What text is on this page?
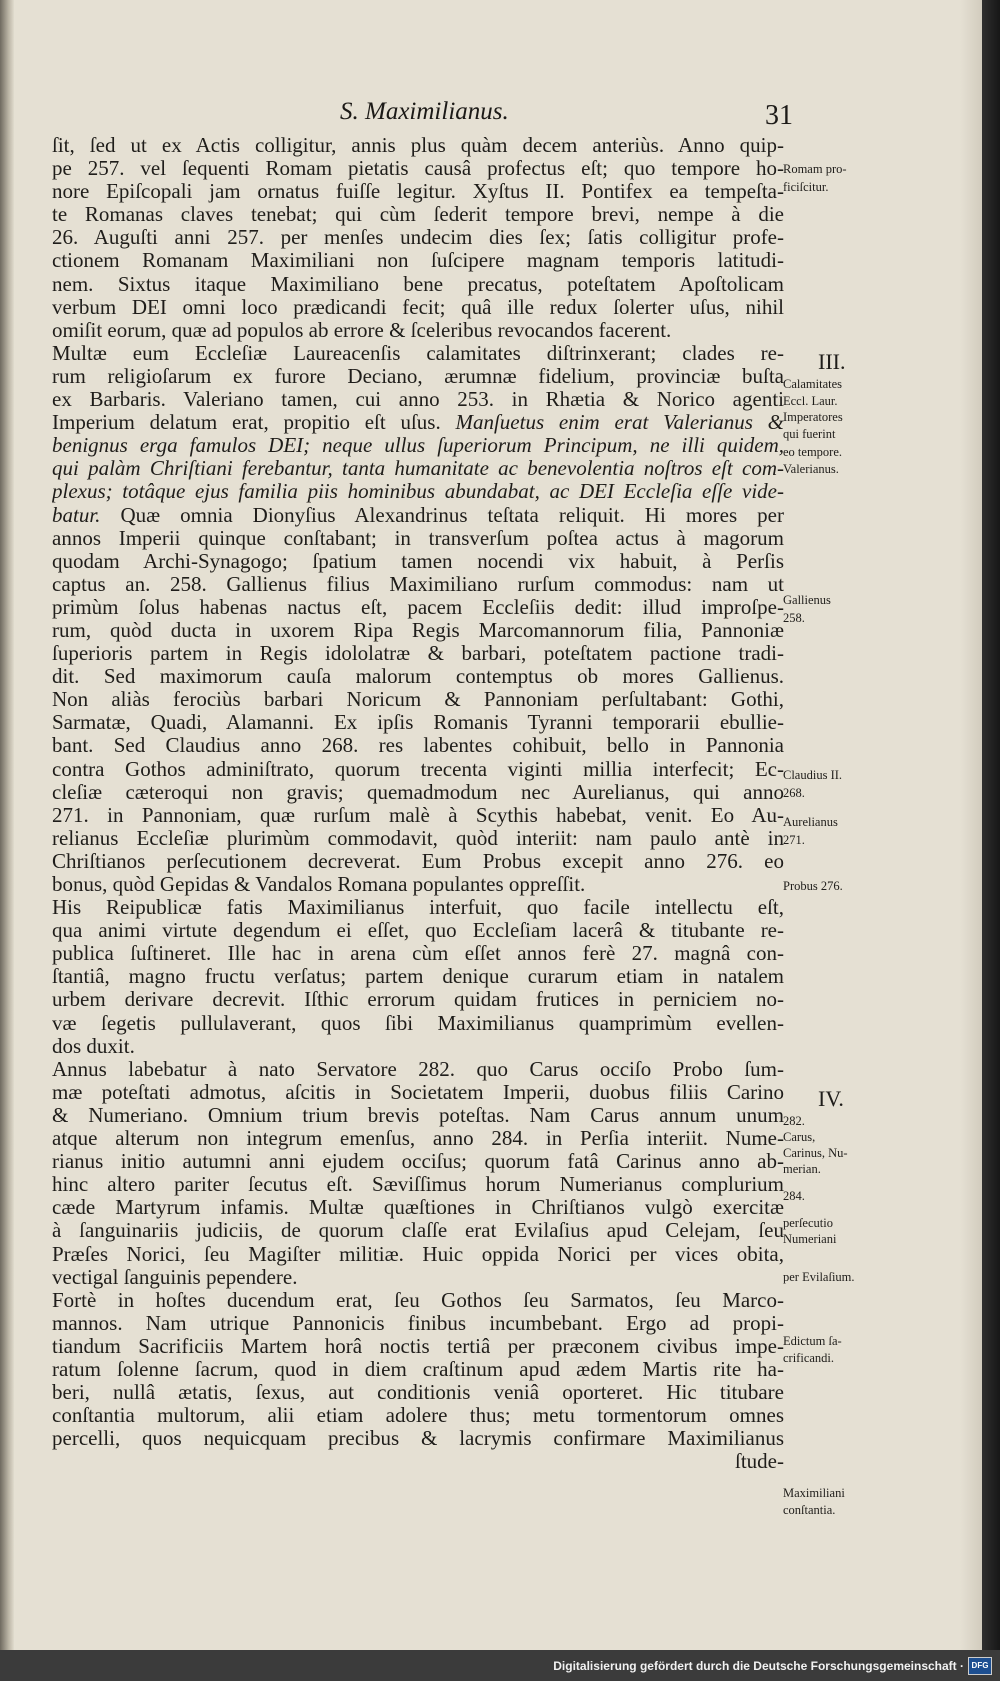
S. Maximilianus.	31
ſit, ſed ut ex Actis colligitur, annis plus quàm decem anteriùs. Anno quip-
pe 257. vel ſequenti Romam pietatis causâ profectus eſt; quo tempore ho-
nore Epiſcopali jam ornatus fuiſſe legitur. Xyſtus II. Pontifex ea tempeſta-
te Romanas claves tenebat; qui cùm ſederit tempore brevi, nempe à die
26. Auguſti anni 257. per menſes undecim dies ſex; ſatis colligitur profe-
ctionem Romanam Maximiliani non ſuſcipere magnam temporis latitudi-
nem. Sixtus itaque Maximiliano bene precatus, poteſtatem Apoſtolicam
verbum DEI omni loco prædicandi fecit; quâ ille redux ſolerter uſus, nihil
omiſit eorum, quæ ad populos ab errore & ſceleribus revocandos facerent.
Multæ eum Eccleſiæ Laureacenſis calamitates diſtrinxerant; clades re-
rum religioſarum ex furore Deciano, ærumnæ fidelium, provinciæ buſta
ex Barbaris. Valeriano tamen, cui anno 253. in Rhætia & Norico agenti
Imperium delatum erat, propitio eſt uſus. Manſuetus enim erat Valerianus &
benignus erga famulos DEI; neque ullus ſuperiorum Principum, ne illi quidem,
qui palàm Chriſtiani ferebantur, tanta humanitate ac benevolentia noſtros eſt com-
plexus; totâque ejus familia piis hominibus abundabat, ac DEI Eccleſia eſſe vide-
batur. Quæ omnia Dionyſius Alexandrinus teſtata reliquit. Hi mores per
annos Imperii quinque conſtabant; in transverſum poſtea actus à magorum
quodam Archi-Synagogo; ſpatium tamen nocendi vix habuit, à Perſis
captus an. 258. Gallienus filius Maximiliano rurſum commodus: nam ut
primùm ſolus habenas nactus eſt, pacem Eccleſiis dedit: illud improſpe-
rum, quòd ducta in uxorem Ripa Regis Marcomannorum filia, Pannoniæ
ſuperioris partem in Regis idololatræ & barbari, poteſtatem pactione tradi-
dit. Sed maximorum cauſa malorum contemptus ob mores Gallienus.
Non aliàs ferociùs barbari Noricum & Pannoniam perſultabant: Gothi,
Sarmatæ, Quadi, Alamanni. Ex ipſis Romanis Tyranni temporarii ebullie-
bant. Sed Claudius anno 268. res labentes cohibuit, bello in Pannonia
contra Gothos adminiſtrato, quorum trecenta viginti millia interfecit; Ec-
cleſiæ cæteroqui non gravis; quemadmodum nec Aurelianus, qui anno
271. in Pannoniam, quæ rurſum malè à Scythis habebat, venit. Eo Au-
relianus Eccleſiæ plurimùm commodavit, quòd interiit: nam paulo antè in
Chriſtianos perſecutionem decreverat. Eum Probus excepit anno 276. eo
bonus, quòd Gepidas & Vandalos Romana populantes oppreſſit.
His Reipublicæ fatis Maximilianus interfuit, quo facile intellectu eſt,
qua animi virtute degendum ei eſſet, quo Eccleſiam lacerâ & titubante re-
publica ſuſtineret. Ille hac in arena cùm eſſet annos ferè 27. magnâ con-
ſtantiâ, magno fructu verſatus; partem denique curarum etiam in natalem
urbem derivare decrevit. Iſthic errorum quidam frutices in perniciem no-
væ ſegetis pullulaverant, quos ſibi Maximilianus quamprimùm evellen-
dos duxit.
Annus labebatur à nato Servatore 282. quo Carus occiſo Probo ſum-
mæ poteſtati admotus, aſcitis in Societatem Imperii, duobus filiis Carino
& Numeriano. Omnium trium brevis poteſtas. Nam Carus annum unum
atque alterum non integrum emenſus, anno 284. in Perſia interiit. Nume-
rianus initio autumni anni ejudem occiſus; quorum fatâ Carinus anno ab-
hinc altero pariter ſecutus eſt. Sæviſſimus horum Numerianus complurium
cæde Martyrum infamis. Multæ quæſtiones in Chriſtianos vulgò exercitæ
à ſanguinariis judiciis, de quorum claſſe erat Evilaſius apud Celejam, ſeu
Præſes Norici, ſeu Magiſter militiæ. Huic oppida Norici per vices obita,
vectigal ſanguinis pependere.
Fortè in hoſtes ducendum erat, ſeu Gothos ſeu Sarmatos, ſeu Marco-
mannos. Nam utrique Pannonicis finibus incumbebant. Ergo ad propi-
tiandum Sacrificiis Martem horâ noctis tertiâ per præconem civibus impe-
ratum ſolenne ſacrum, quod in diem craſtinum apud ædem Martis rite ha-
beri, nullâ ætatis, ſexus, aut conditionis veniâ oporteret. Hic titubare
conſtantia multorum, alii etiam adolere thus; metu tormentorum omnes
percelli, quos nequicquam precibus & lacrymis confirmare Maximilianus
ſtude-
Romam pro-
ficiſcitur.
III.
Calamitates
Eccl. Laur.
Imperatores
qui fuerint
eo tempore.
Valerianus.
Gallienus
258.
Claudius II.
268.
Aurelianus
271.
Probus 276.
IV.
282.
Carus,
Carinus, Nu-
merian.
284.
perſecutio
Numeriani
per Evilaſium.
Edictum ſa-
crificandi.
Maximiliani
conſtantia.
Digitalisierung gefördert durch die Deutsche Forschungsgemeinschaft · DFG
